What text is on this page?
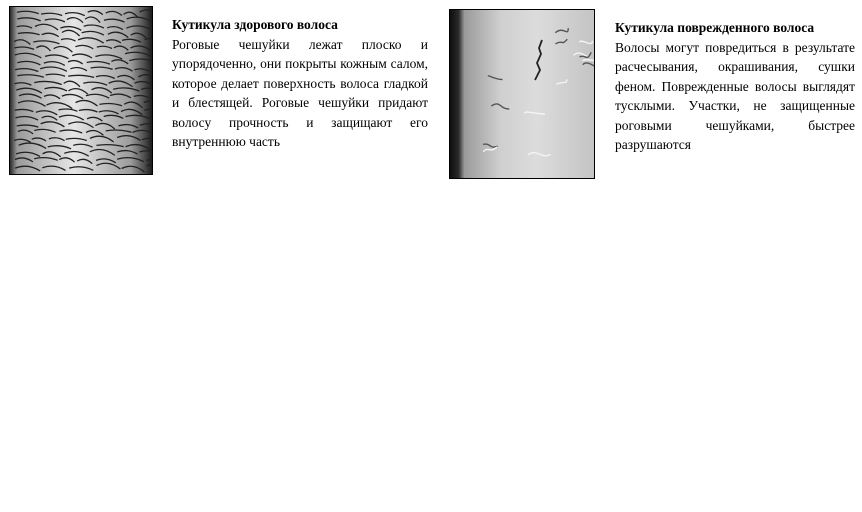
Кутикула здорового волоса

Роговые чешуйки лежат плоско и упорядоченно, они покрыты кожным салом, которое делает поверхность волоса гладкой и блестящей. Роговые чешуйки придают волосу прочность и защищают его внутреннюю часть

Кутикула поврежденного волоса

Волосы могут повредиться в результате расчесывания, окрашивания, сушки феном. Поврежденные волосы выглядят тусклыми. Участки, не защищенные роговыми чешуйками, быстрее разрушаются
